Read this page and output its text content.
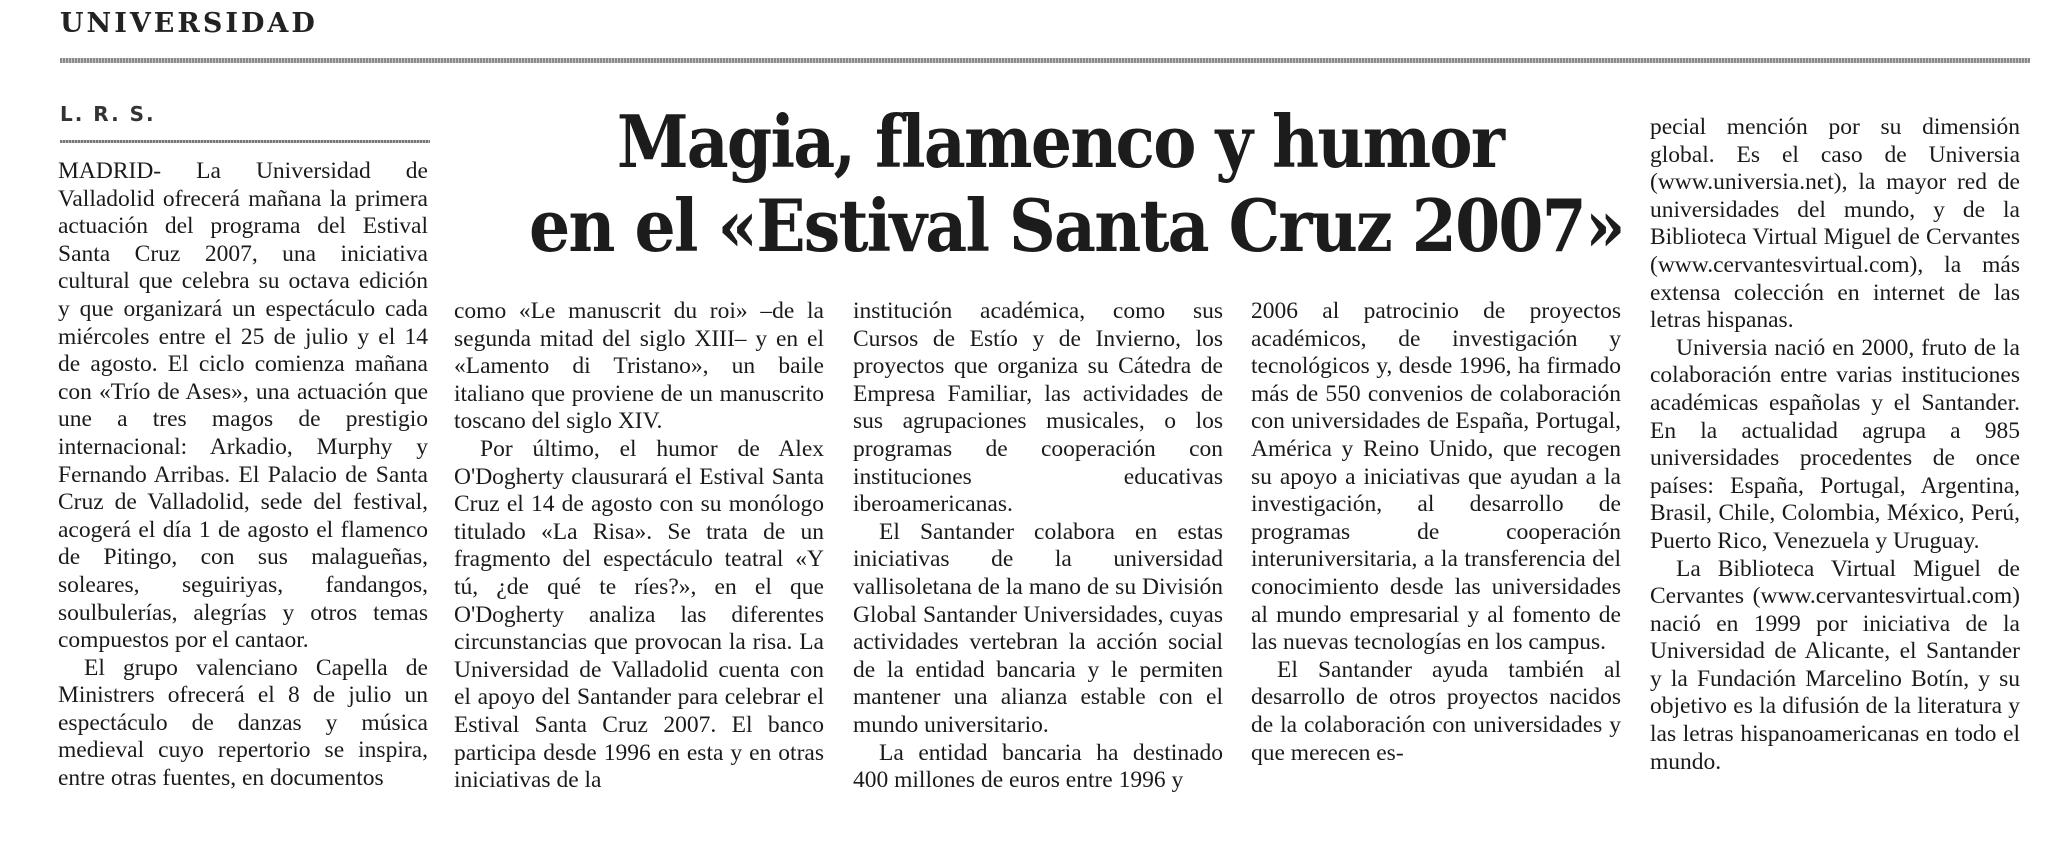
UNIVERSIDAD
L. R. S.	Magia, flamenco y humor
en el «Estival Santa Cruz 2007»

MADRID- La Universidad de Valladolid ofrecerá mañana la primera actuación del programa del Estival Santa Cruz 2007, una iniciativa cultural que celebra su octava edición y que organizará un espectáculo cada miércoles entre el 25 de julio y el 14 de agosto. El ciclo comienza mañana con «Trío de Ases», una actuación que une a tres magos de prestigio internacional: Arkadio, Murphy y Fernando Arribas. El Palacio de Santa Cruz de Valladolid, sede del festival, acogerá el día 1 de agosto el flamenco de Pitingo, con sus malagueñas, soleares, seguiriyas, fandangos, soulbulerías, alegrías y otros temas compuestos por el cantaor.

El grupo valenciano Capella de Ministrers ofrecerá el 8 de julio un espectáculo de danzas y música medieval cuyo repertorio se inspira, entre otras fuentes, en documentos

como «Le manuscrit du roi» –de la segunda mitad del siglo XIII– y en el «Lamento di Tristano», un baile italiano que proviene de un manuscrito toscano del siglo XIV.

Por último, el humor de Alex O'Dogherty clausurará el Estival Santa Cruz el 14 de agosto con su monólogo titulado «La Risa». Se trata de un fragmento del espectáculo teatral «Y tú, ¿de qué te ríes?», en el que O'Dogherty analiza las diferentes circunstancias que provocan la risa. La Universidad de Valladolid cuenta con el apoyo del Santander para celebrar el Estival Santa Cruz 2007. El banco participa desde 1996 en esta y en otras iniciativas de la

institución académica, como sus Cursos de Estío y de Invierno, los proyectos que organiza su Cátedra de Empresa Familiar, las actividades de sus agrupaciones musicales, o los programas de cooperación con instituciones educativas iberoamericanas.

El Santander colabora en estas iniciativas de la universidad vallisoletana de la mano de su División Global Santander Universidades, cuyas actividades vertebran la acción social de la entidad bancaria y le permiten mantener una alianza estable con el mundo universitario.

La entidad bancaria ha destinado 400 millones de euros entre 1996 y

2006 al patrocinio de proyectos académicos, de investigación y tecnológicos y, desde 1996, ha firmado más de 550 convenios de colaboración con universidades de España, Portugal, América y Reino Unido, que recogen su apoyo a iniciativas que ayudan a la investigación, al desarrollo de programas de cooperación interuniversitaria, a la transferencia del conocimiento desde las universidades al mundo empresarial y al fomento de las nuevas tecnologías en los campus.

El Santander ayuda también al desarrollo de otros proyectos nacidos de la colaboración con universidades y que merecen es-

pecial mención por su dimensión global. Es el caso de Universia (www.universia.net), la mayor red de universidades del mundo, y de la Biblioteca Virtual Miguel de Cervantes (www.cervantesvirtual.com), la más extensa colección en internet de las letras hispanas.

Universia nació en 2000, fruto de la colaboración entre varias instituciones académicas españolas y el Santander. En la actualidad agrupa a 985 universidades procedentes de once países: España, Portugal, Argentina, Brasil, Chile, Colombia, México, Perú, Puerto Rico, Venezuela y Uruguay.

La Biblioteca Virtual Miguel de Cervantes (www.cervantesvirtual.com) nació en 1999 por iniciativa de la Universidad de Alicante, el Santander y la Fundación Marcelino Botín, y su objetivo es la difusión de la literatura y las letras hispanoamericanas en todo el mundo.
